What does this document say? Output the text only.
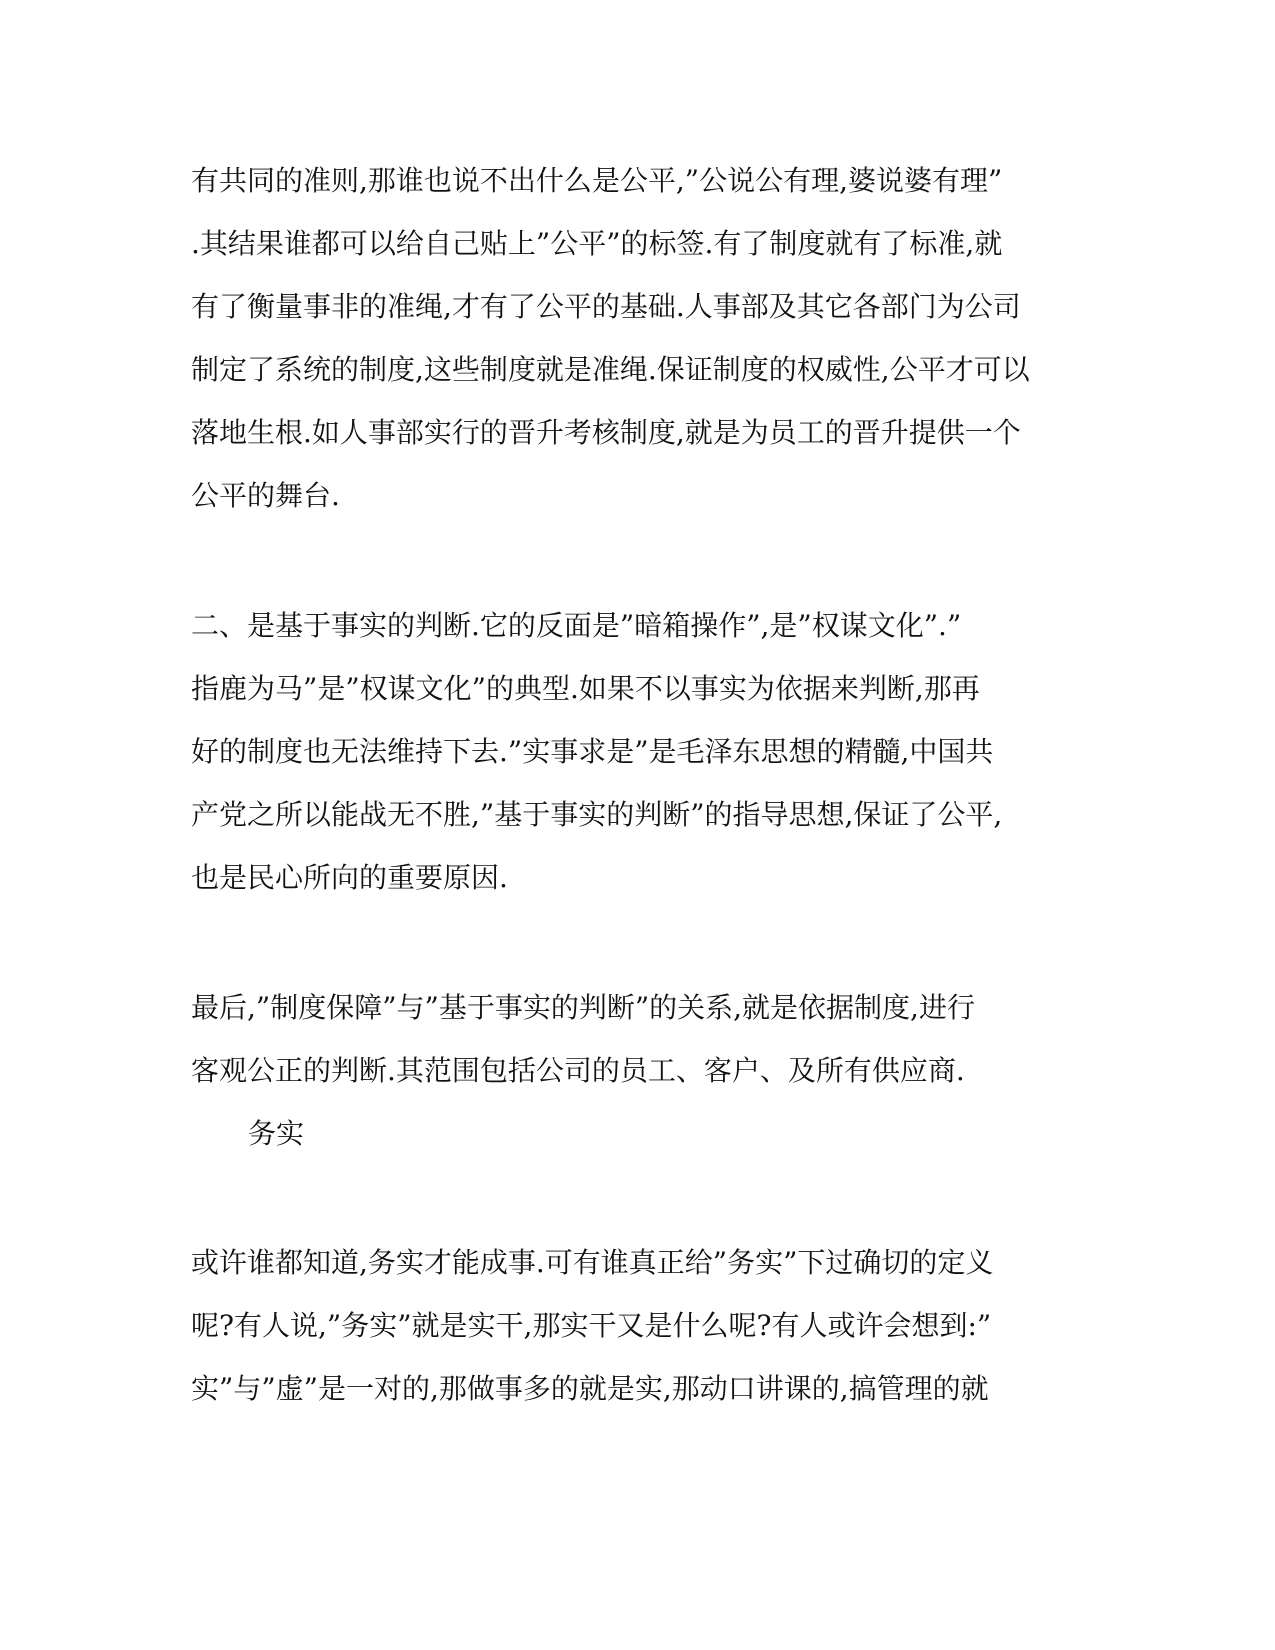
有共同的准则,那谁也说不出什么是公平,”公说公有理,婆说婆有理”
.其结果谁都可以给自己贴上”公平”的标签.有了制度就有了标准,就
有了衡量事非的准绳,才有了公平的基础.人事部及其它各部门为公司
制定了系统的制度,这些制度就是准绳.保证制度的权威性,公平才可以
落地生根.如人事部实行的晋升考核制度,就是为员工的晋升提供一个
公平的舞台.
二、是基于事实的判断.它的反面是”暗箱操作”,是”权谋文化”.”
指鹿为马”是”权谋文化”的典型.如果不以事实为依据来判断,那再
好的制度也无法维持下去.”实事求是”是毛泽东思想的精髓,中国共
产党之所以能战无不胜,”基于事实的判断”的指导思想,保证了公平,
也是民心所向的重要原因.
最后,”制度保障”与”基于事实的判断”的关系,就是依据制度,进行
客观公正的判断.其范围包括公司的员工、客户、及所有供应商.
务实
或许谁都知道,务实才能成事.可有谁真正给”务实”下过确切的定义
呢?有人说,”务实”就是实干,那实干又是什么呢?有人或许会想到:”
实”与”虚”是一对的,那做事多的就是实,那动口讲课的,搞管理的就
